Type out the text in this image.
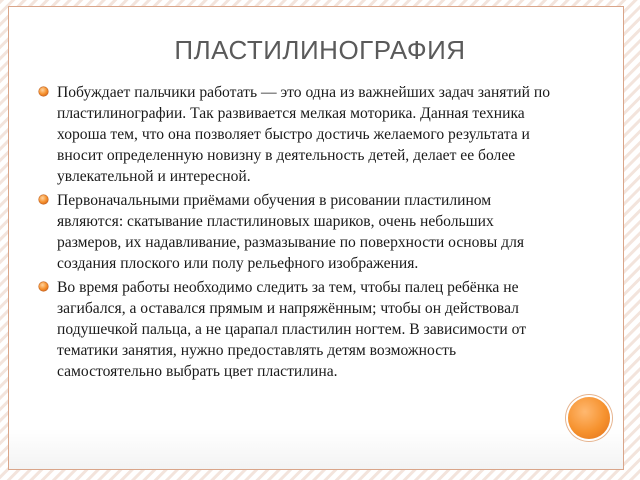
ПЛАСТИЛИНОГРАФИЯ
Побуждает пальчики работать — это одна из важнейших задач занятий по пластилинографии. Так развивается мелкая моторика. Данная техника хороша тем, что она позволяет быстро достичь желаемого результата и вносит определенную новизну в деятельность детей, делает ее более увлекательной и интересной.
Первоначальными приёмами обучения в рисовании пластилином являются: скатывание пластилиновых шариков, очень небольших размеров, их надавливание, размазывание по поверхности основы для создания плоского или полу рельефного изображения.
Во время работы необходимо следить за тем, чтобы палец ребёнка не загибался, а оставался прямым и напряжённым; чтобы он действовал подушечкой пальца, а не царапал пластилин ногтем. В зависимости от тематики занятия, нужно предоставлять детям возможность самостоятельно выбрать цвет пластилина.
